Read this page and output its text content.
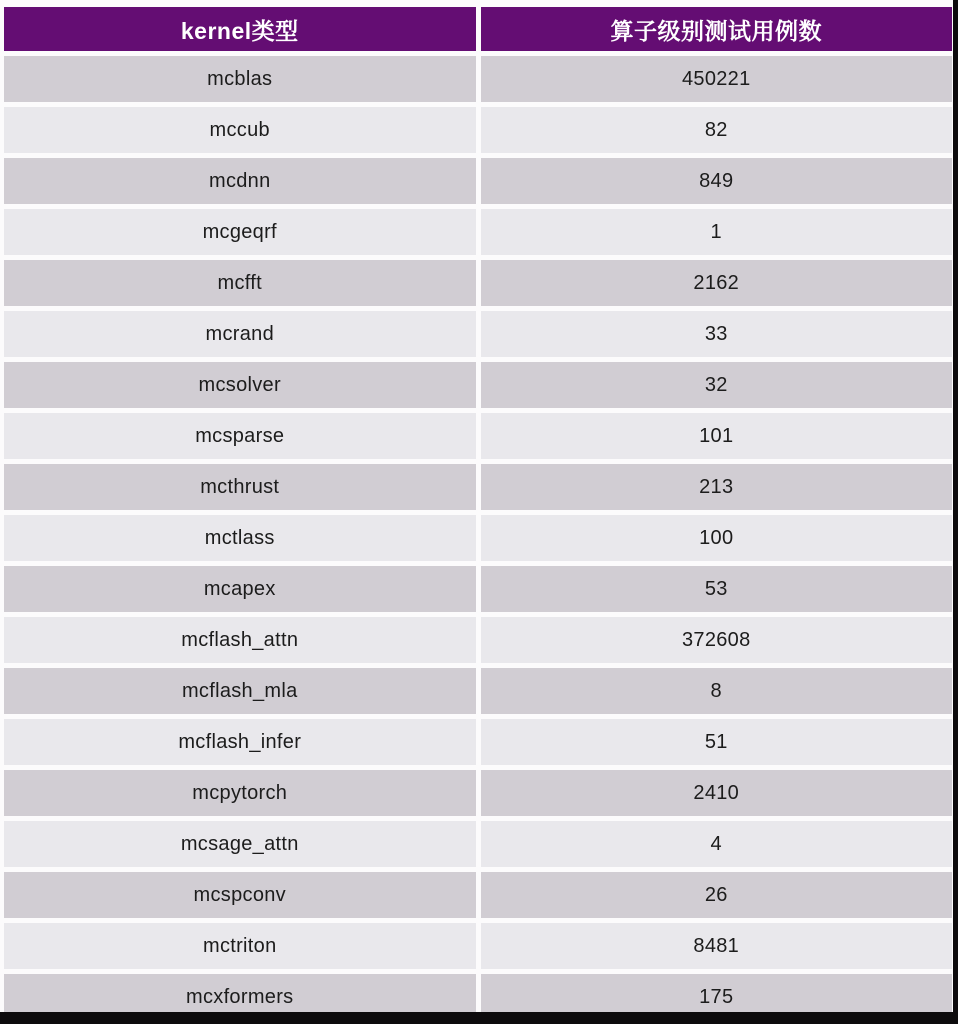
kernel类型	算子级别测试用例数
mcblas	450221
mccub	82
mcdnn	849
mcgeqrf	1
mcfft	2162
mcrand	33
mcsolver	32
mcsparse	101
mcthrust	213
mctlass	100
mcapex	53
mcflash_attn	372608
mcflash_mla	8
mcflash_infer	51
mcpytorch	2410
mcsage_attn	4
mcspconv	26
mctriton	8481
mcxformers	175
